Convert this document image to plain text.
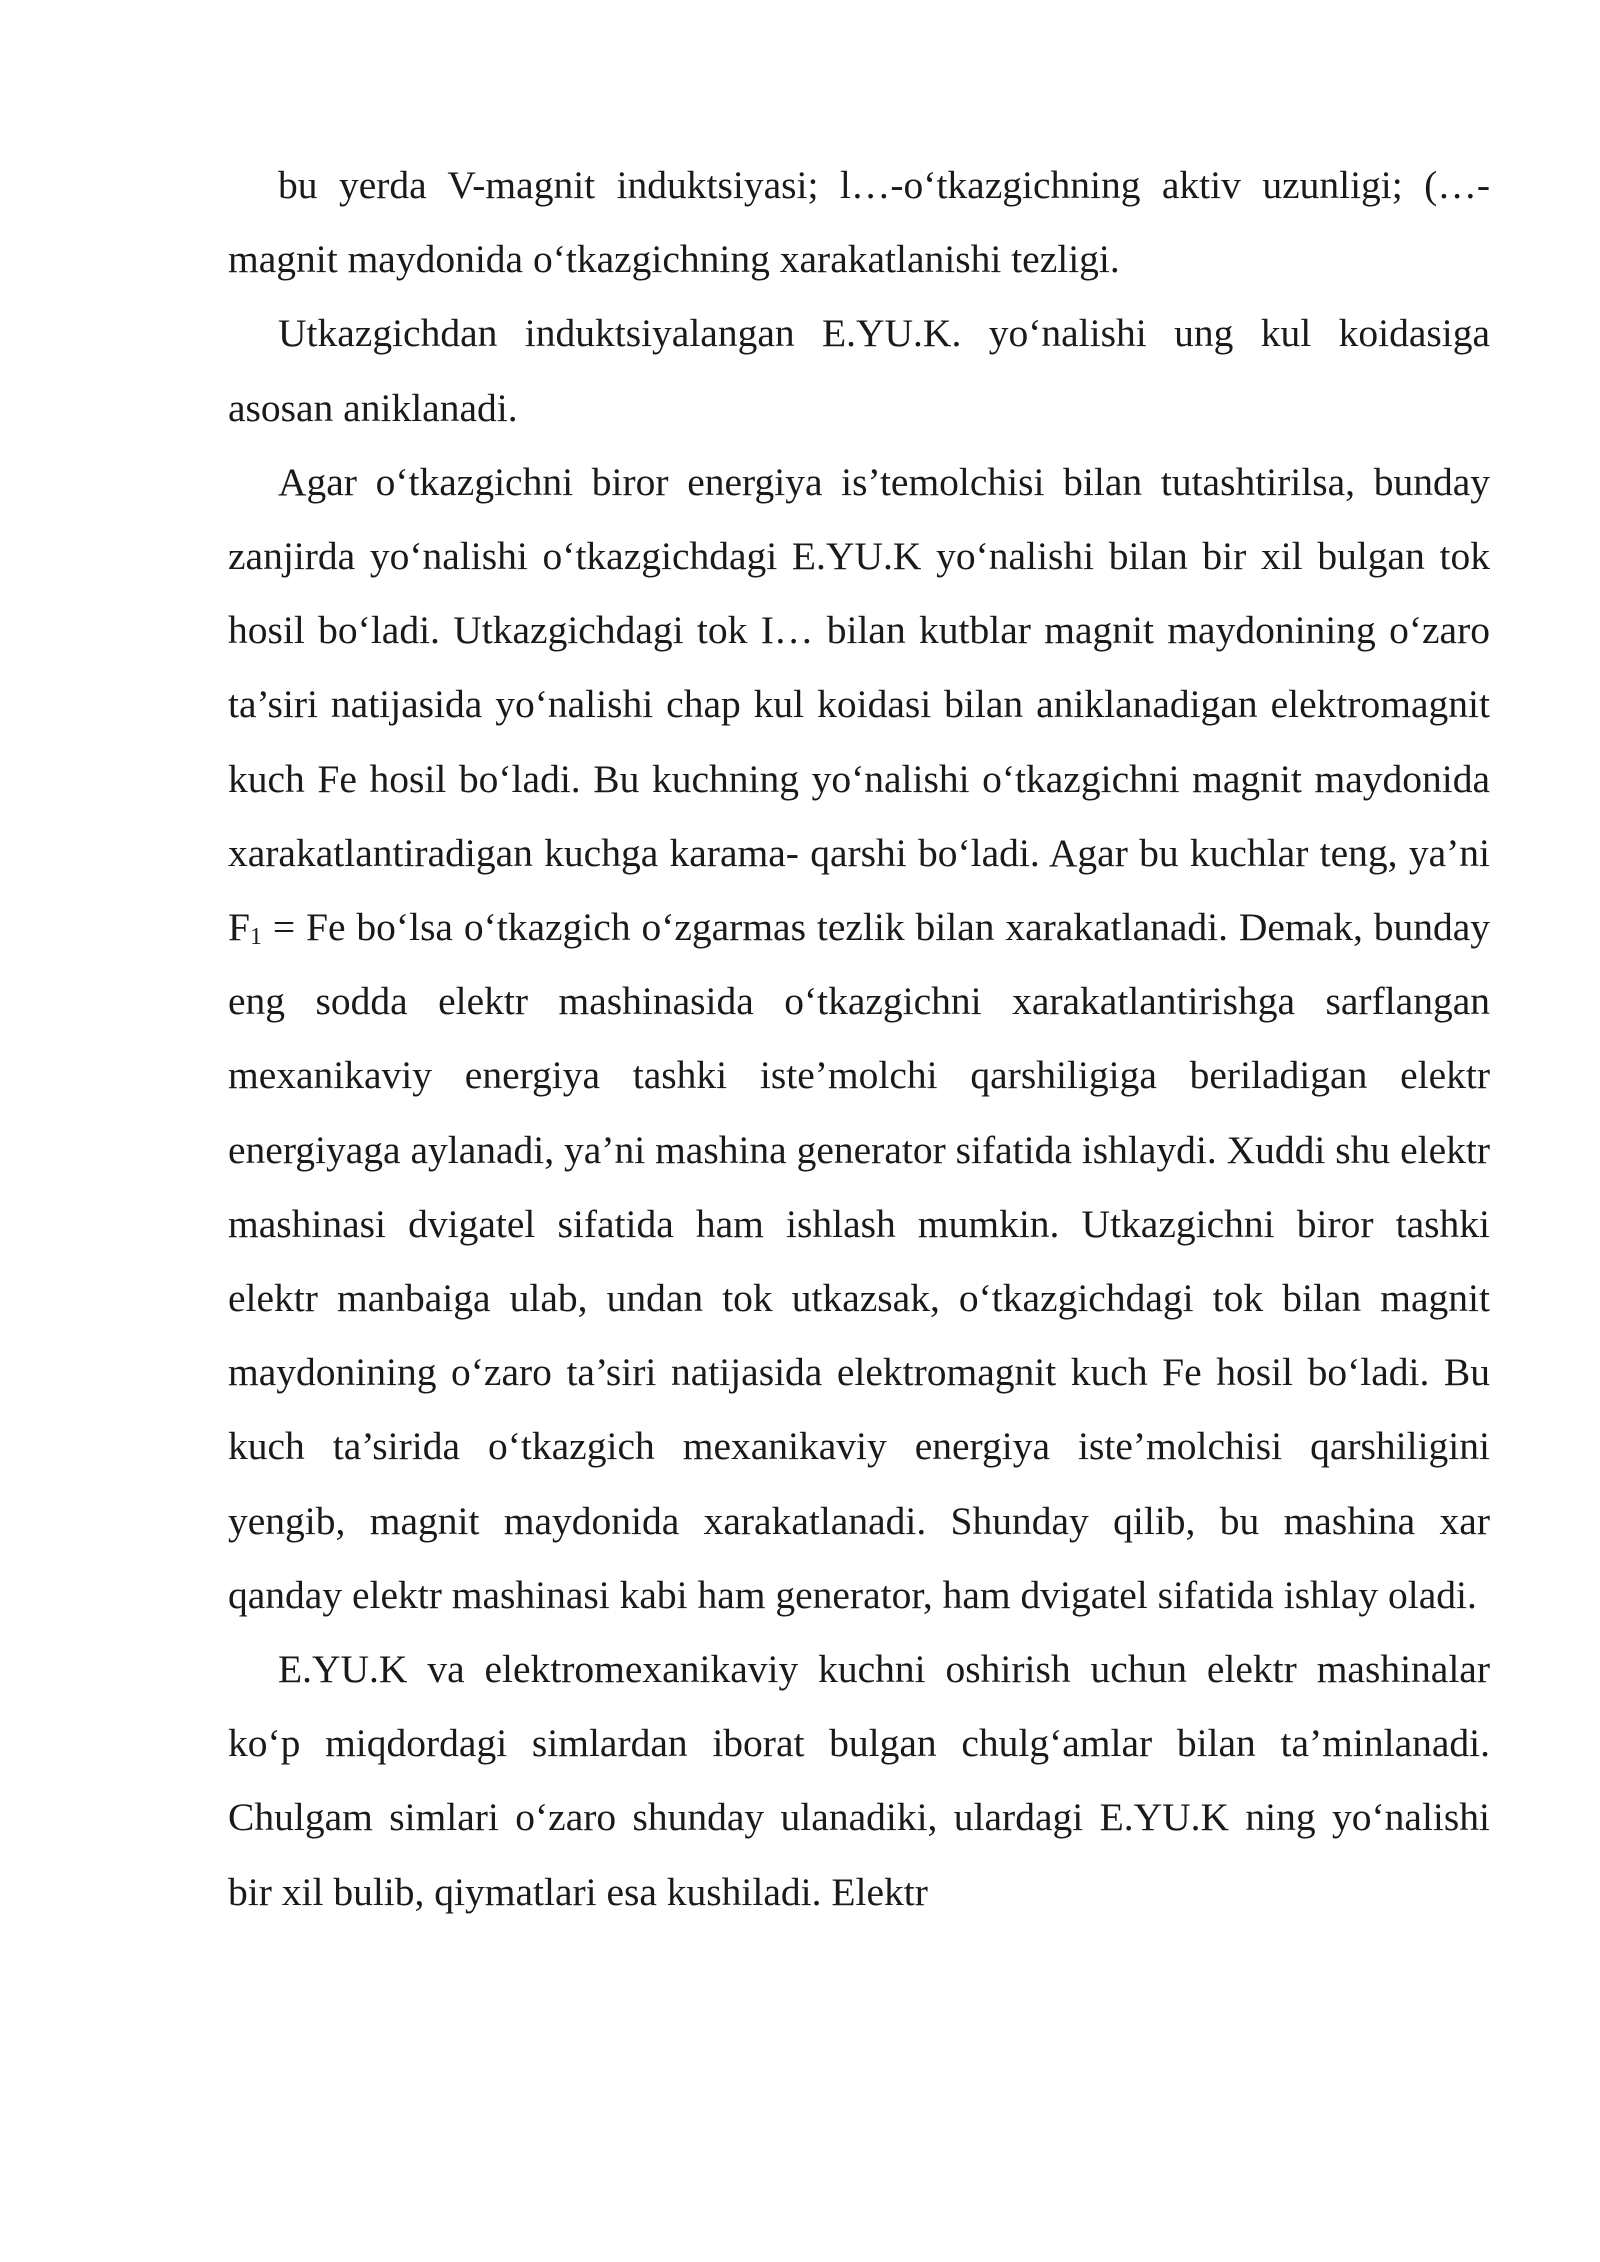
bu yerda V-magnit induktsiyasi; l…-o‘tkazgichning aktiv uzunligi; (…- magnit maydonida o‘tkazgichning xarakatlanishi tezligi.

Utkazgichdan induktsiyalangan E.YU.K. yo‘nalishi ung kul koidasiga asosan aniklanadi.

Agar o‘tkazgichni biror energiya is’temolchisi bilan tutashtirilsa, bunday zanjirda yo‘nalishi o‘tkazgichdagi E.YU.K yo‘nalishi bilan bir xil bulgan tok hosil bo‘ladi. Utkazgichdagi tok I… bilan kutblar magnit maydonining o‘zaro ta’siri natijasida yo‘nalishi chap kul koidasi bilan aniklanadigan elektromagnit kuch Fe hosil bo‘ladi. Bu kuchning yo‘nalishi o‘tkazgichni magnit maydonida xarakatlantiradigan kuchga karama- qarshi bo‘ladi. Agar bu kuchlar teng, ya’ni F1 = Fe bo‘lsa o‘tkazgich o‘zgarmas tezlik bilan xarakatlanadi. Demak, bunday eng sodda elektr mashinasida o‘tkazgichni xarakatlantirishga sarflangan mexanikaviy energiya tashki iste’molchi qarshiligiga beriladigan elektr energiyaga aylanadi, ya’ni mashina generator sifatida ishlaydi. Xuddi shu elektr mashinasi dvigatel sifatida ham ishlash mumkin. Utkazgichni biror tashki elektr manbaiga ulab, undan tok utkazsak, o‘tkazgichdagi tok bilan magnit maydonining o‘zaro ta’siri natijasida elektromagnit kuch Fe hosil bo‘ladi. Bu kuch ta’sirida o‘tkazgich mexanikaviy energiya iste’molchisi qarshiligini yengib, magnit maydonida xarakatlanadi. Shunday qilib, bu mashina xar qanday elektr mashinasi kabi ham generator, ham dvigatel sifatida ishlay oladi.

E.YU.K va elektromexanikaviy kuchni oshirish uchun elektr mashinalar ko‘p miqdordagi simlardan iborat bulgan chulg‘amlar bilan ta’minlanadi. Chulgam simlari o‘zaro shunday ulanadiki, ulardagi E.YU.K ning yo‘nalishi bir xil bulib, qiymatlari esa kushiladi. Elektr
